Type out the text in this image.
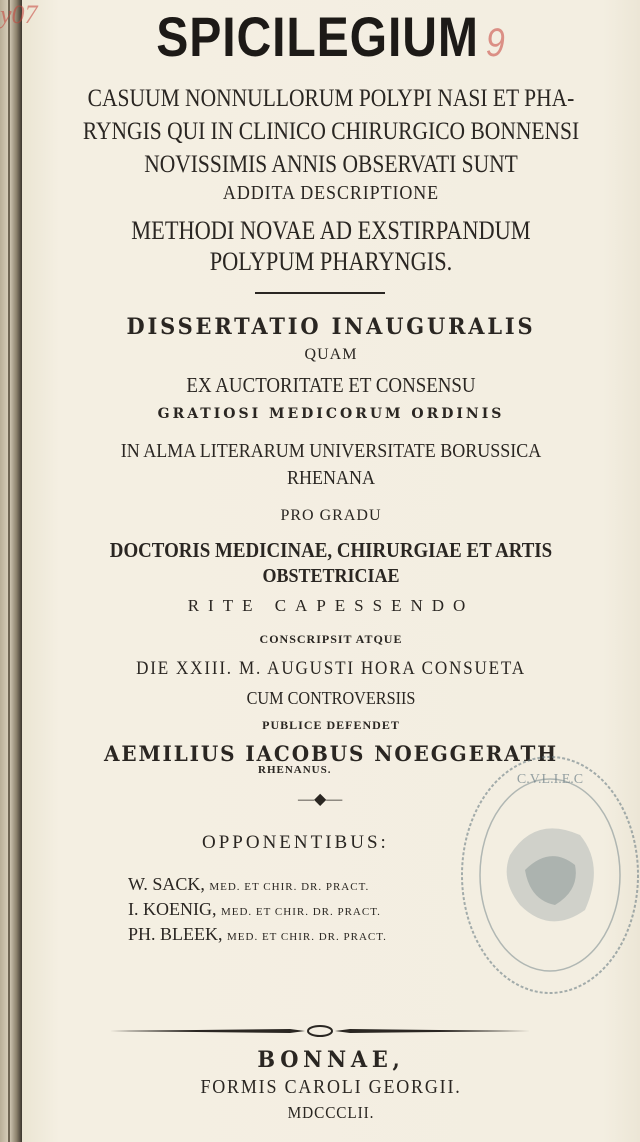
y07	SPICILEGIUM 9
CASUUM NONNULLORUM POLYPI NASI ET PHA-
RYNGIS QUI IN CLINICO CHIRURGICO BONNENSI
NOVISSIMIS ANNIS OBSERVATI SUNT
ADDITA DESCRIPTIONE
METHODI NOVAE AD EXSTIRPANDUM
POLYPUM PHARYNGIS.
DISSERTATIO INAUGURALIS
QUAM
EX AUCTORITATE ET CONSENSU
GRATIOSI MEDICORUM ORDINIS
IN ALMA LITERARUM UNIVERSITATE BORUSSICA
RHENANA
PRO GRADU
DOCTORIS MEDICINAE, CHIRURGIAE ET ARTIS
OBSTETRICIAE
RITE CAPESSENDO
CONSCRIPSIT ATQUE
DIE XXIII. M. AUGUSTI HORA CONSUETA
CUM CONTROVERSIIS
PUBLICE DEFENDET
AEMILIUS IACOBUS NOEGGERATH
RHENANUS.
—◆—
OPPONENTIBUS:
W. SACK, MED. ET CHIR. DR. PRACT.
I. KOENIG, MED. ET CHIR. DR. PRACT.
PH. BLEEK, MED. ET CHIR. DR. PRACT.
C.V.L.I.E.C
BONNAE,
FORMIS CAROLI GEORGII.
MDCCCLII.
